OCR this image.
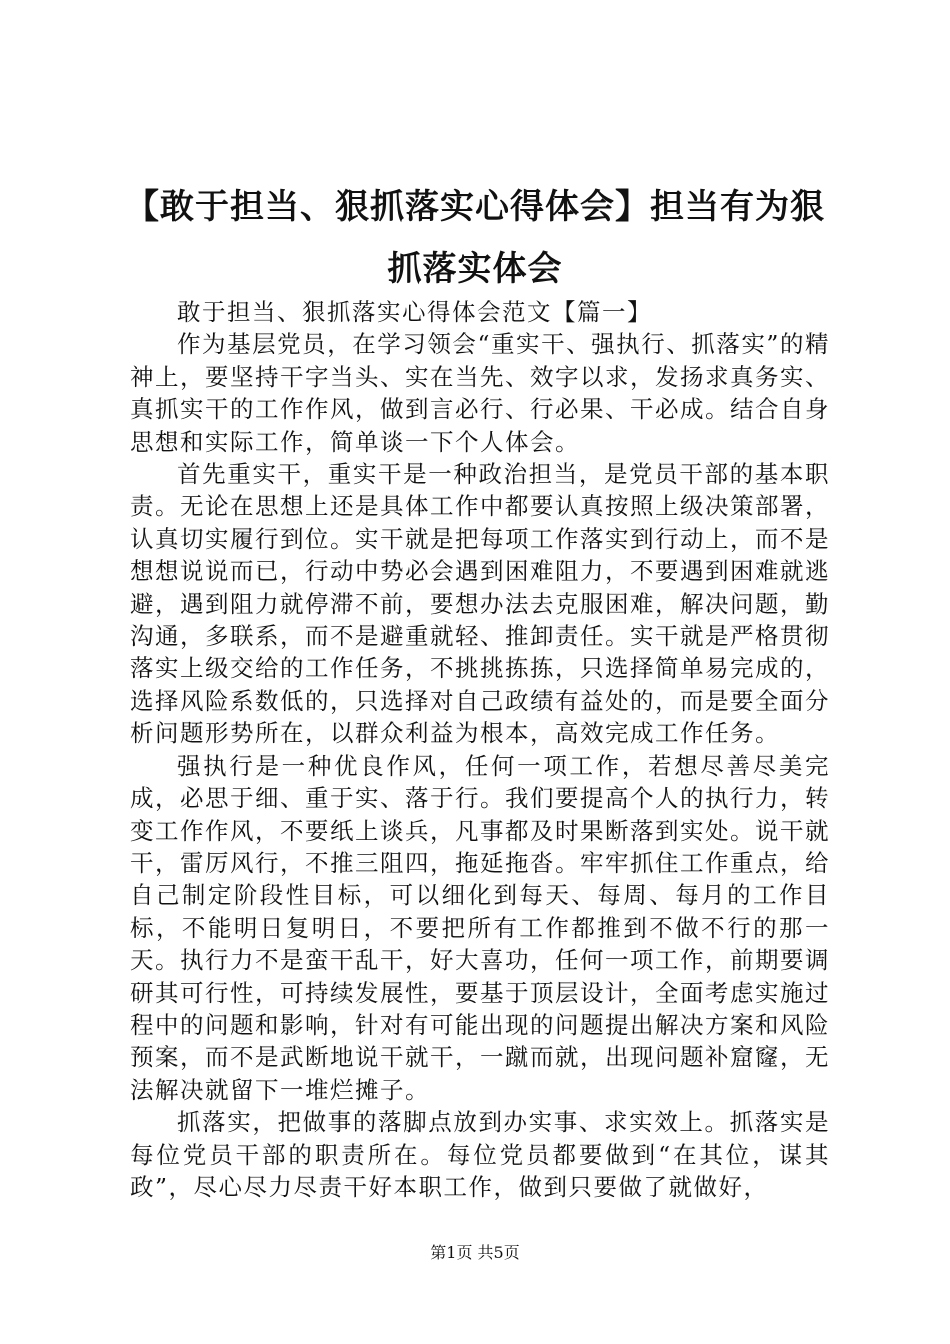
【敢于担当、狠抓落实心得体会】担当有为狠抓落实体会

敢于担当、狠抓落实心得体会范文【篇一】

作为基层党员，在学习领会“重实干、强执行、抓落实”的精神上，要坚持干字当头、实在当先、效字以求，发扬求真务实、真抓实干的工作作风，做到言必行、行必果、干必成。结合自身思想和实际工作，简单谈一下个人体会。

首先重实干，重实干是一种政治担当，是党员干部的基本职责。无论在思想上还是具体工作中都要认真按照上级决策部署，认真切实履行到位。实干就是把每项工作落实到行动上，而不是想想说说而已，行动中势必会遇到困难阻力，不要遇到困难就逃避，遇到阻力就停滞不前，要想办法去克服困难，解决问题，勤沟通，多联系，而不是避重就轻、推卸责任。实干就是严格贯彻落实上级交给的工作任务，不挑挑拣拣，只选择简单易完成的，选择风险系数低的，只选择对自己政绩有益处的，而是要全面分析问题形势所在，以群众利益为根本，高效完成工作任务。

强执行是一种优良作风，任何一项工作，若想尽善尽美完成，必思于细、重于实、落于行。我们要提高个人的执行力，转变工作作风，不要纸上谈兵，凡事都及时果断落到实处。说干就干，雷厉风行，不推三阻四，拖延拖沓。牢牢抓住工作重点，给自己制定阶段性目标，可以细化到每天、每周、每月的工作目标，不能明日复明日，不要把所有工作都推到不做不行的那一天。执行力不是蛮干乱干，好大喜功，任何一项工作，前期要调研其可行性，可持续发展性，要基于顶层设计，全面考虑实施过程中的问题和影响，针对有可能出现的问题提出解决方案和风险预案，而不是武断地说干就干，一蹴而就，出现问题补窟窿，无法解决就留下一堆烂摊子。

抓落实，把做事的落脚点放到办实事、求实效上。抓落实是每位党员干部的职责所在。每位党员都要做到“在其位，谋其政”，尽心尽力尽责干好本职工作，做到只要做了就做好，

第1页 共5页
